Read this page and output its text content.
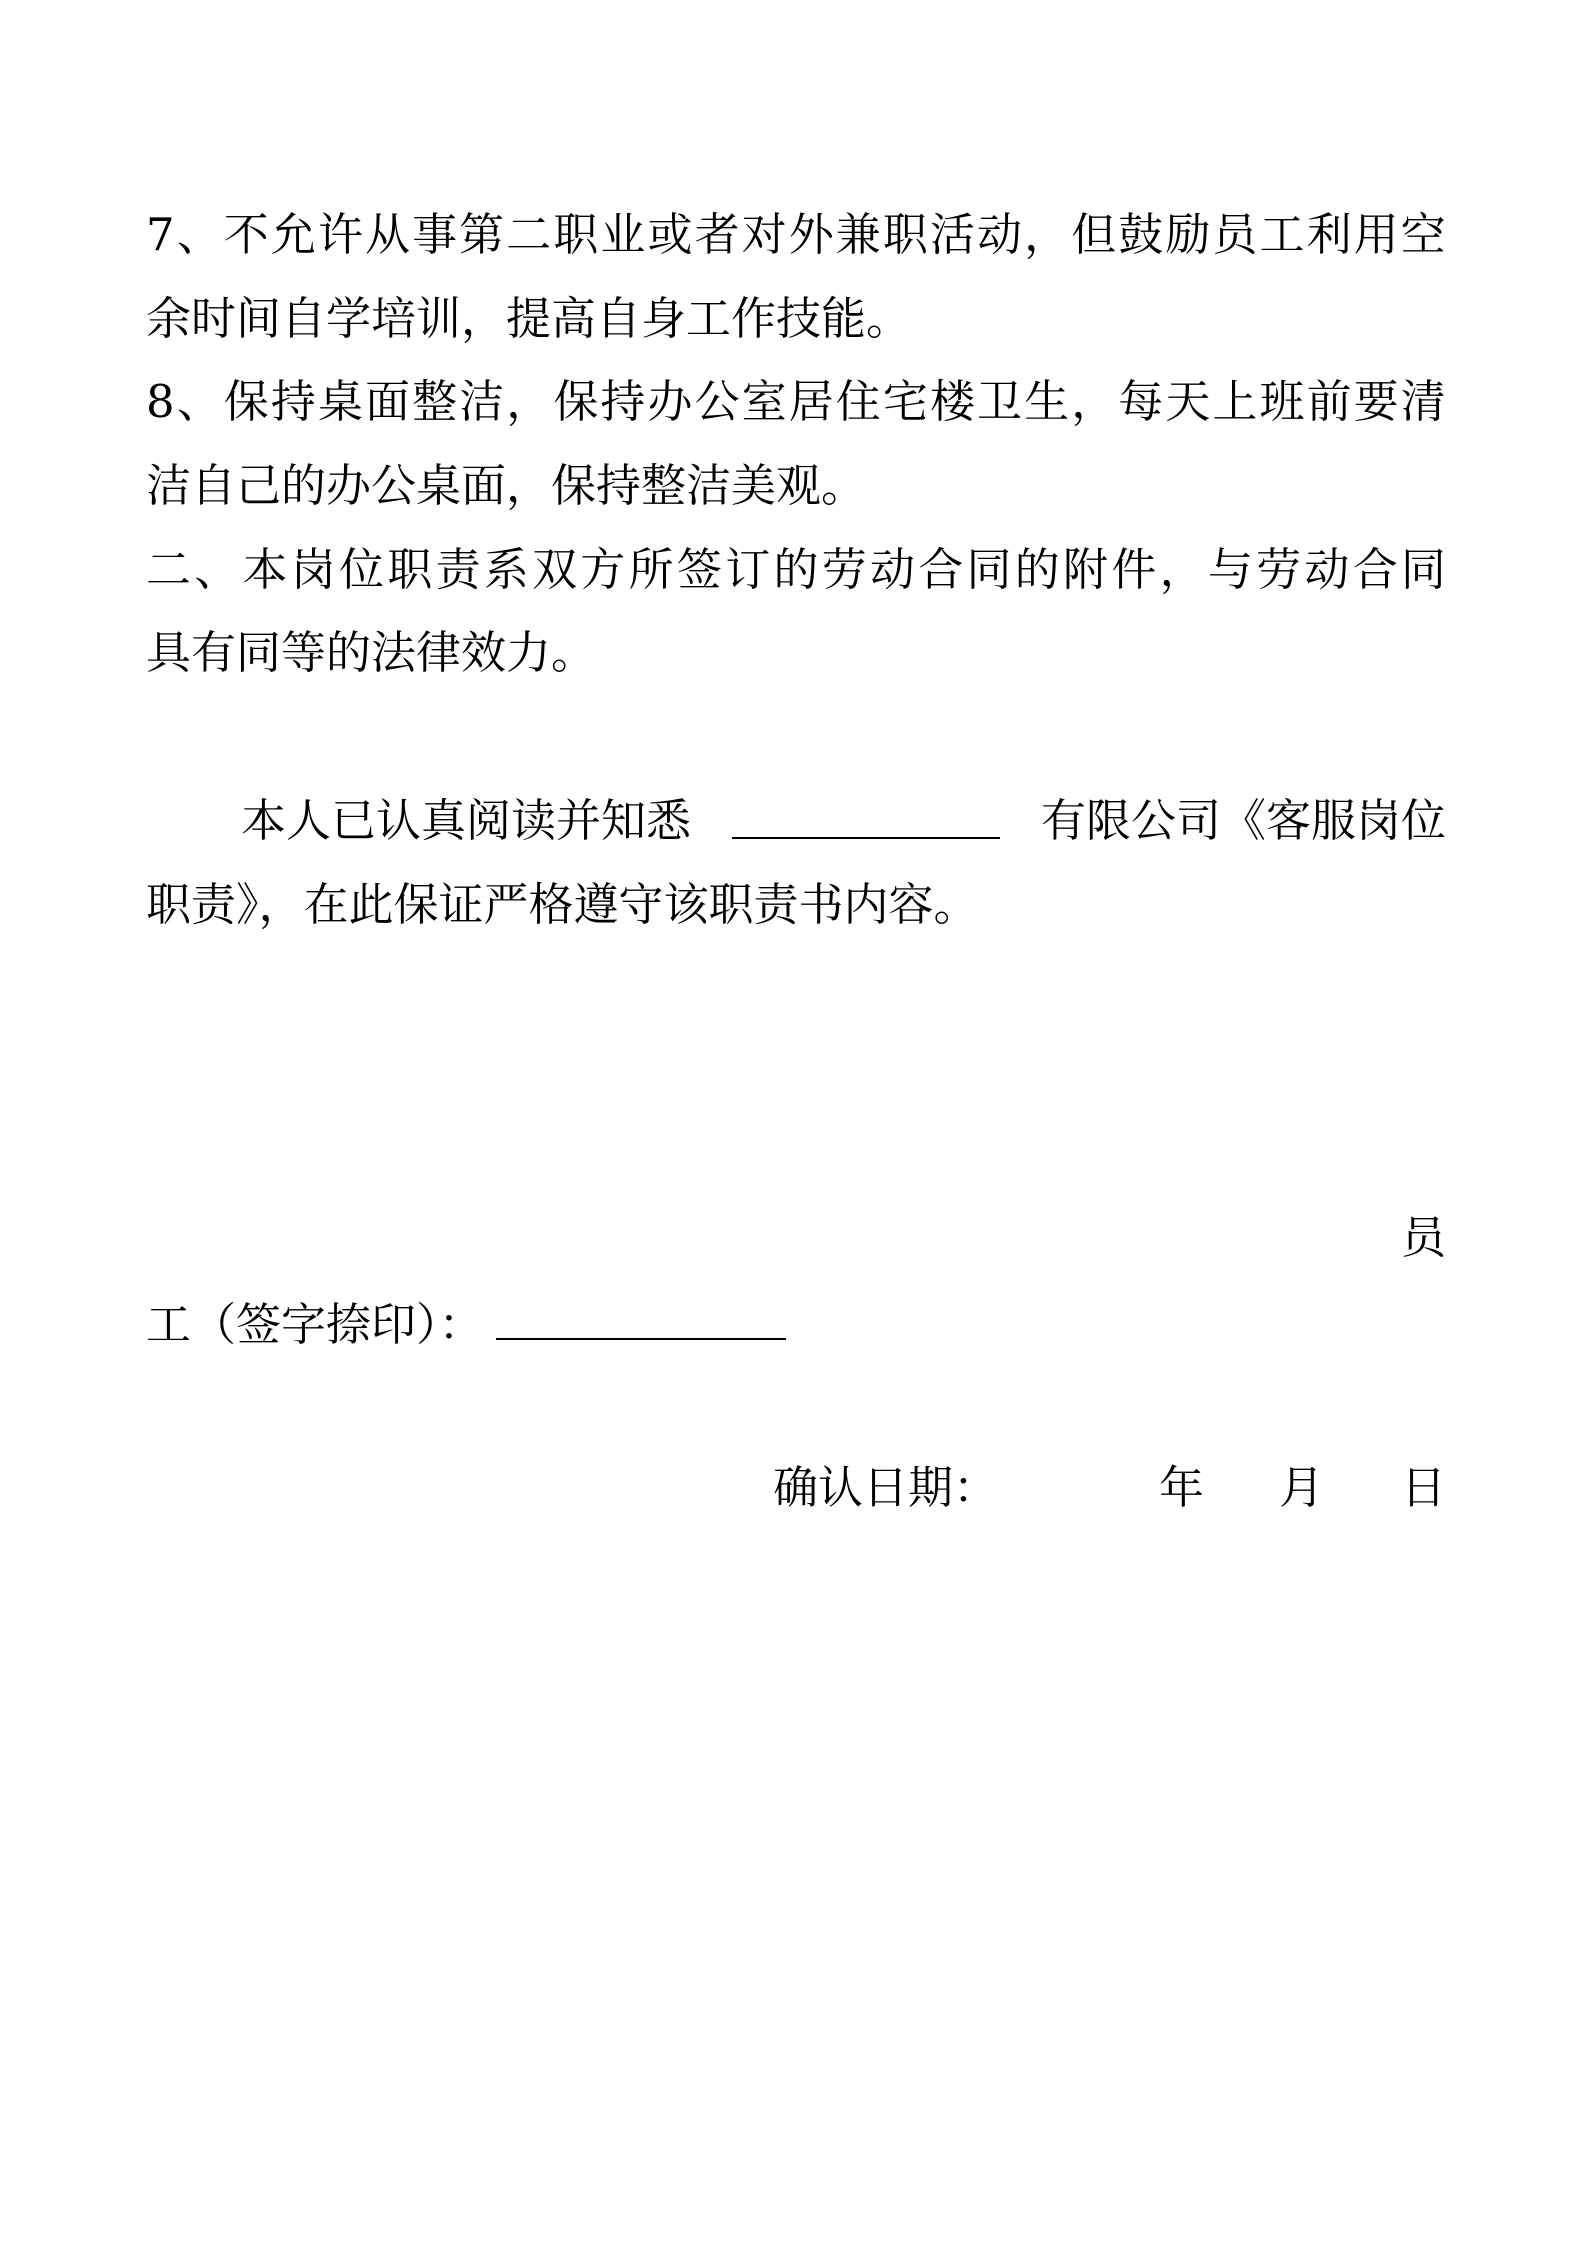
7 、 不 允 许 从 事 第 二 职 业 或 者 对 外 兼 职 活 动 ， 但 鼓 励 员 工 利 用 空
余时间自学培训，提高自身工作技能。
8 、 保 持 桌 面 整 洁 ， 保 持 办 公 室 居 住 宅 楼 卫 生 ， 每 天 上 班 前 要 清
洁自己的办公桌面，保持整洁美观。
二 、 本 岗 位 职 责 系 双 方 所 签 订 的 劳 动 合 同 的 附 件 ， 与 劳 动 合 同
具有同等的法律效力。
本人已认真阅读并知悉	有限公司《客服岗位
职责》，在此保证严格遵守该职责书内容。
员
工（签字捺印）：
确认日期：	年 月 日
